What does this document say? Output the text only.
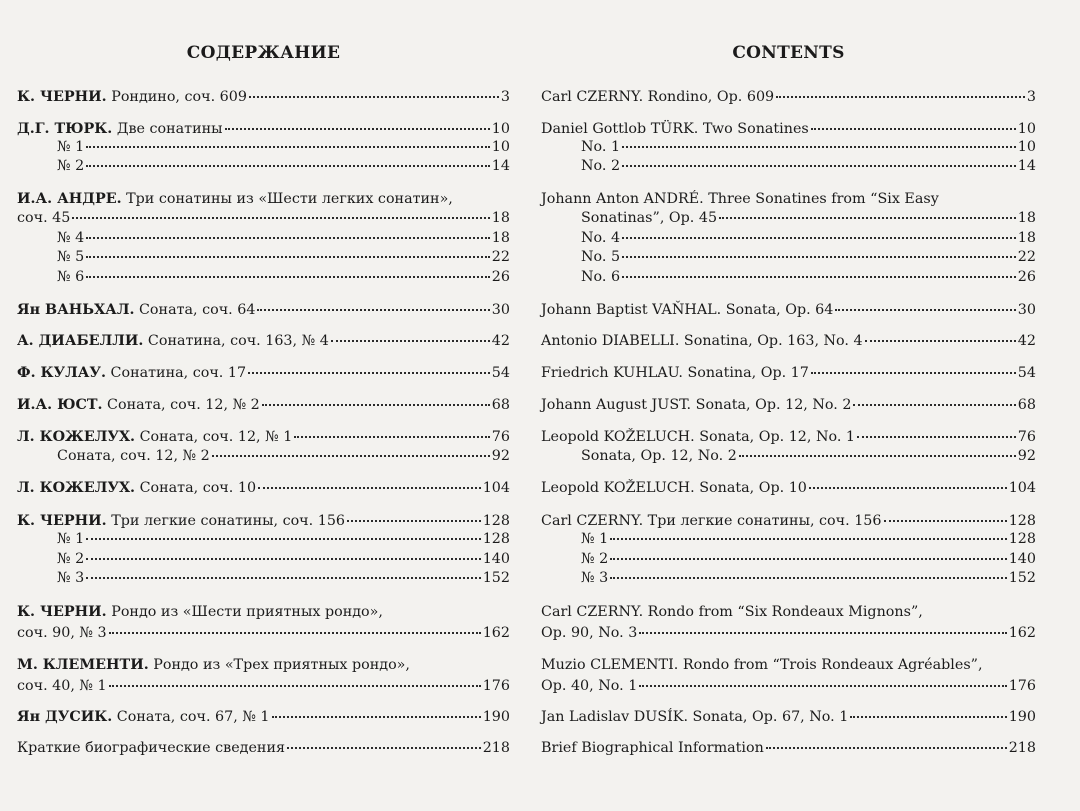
СОДЕРЖАНИЕ
К. ЧЕРНИ. Рондино, соч. 609	3
Д.Г. ТЮРК. Две сонатины	10
№ 1	10
№ 2	14
И.А. АНДРЕ. Три сонатины из «Шести легких сонатин»,
соч. 45	18
№ 4	18
№ 5	22
№ 6	26
Ян ВАНЬХАЛ. Соната, соч. 64	30
А. ДИАБЕЛЛИ. Сонатина, соч. 163, № 4	42
Ф. КУЛАУ. Сонатина, соч. 17	54
И.А. ЮСТ. Соната, соч. 12, № 2	68
Л. КОЖЕЛУХ. Соната, соч. 12, № 1	76
Соната, соч. 12, № 2	92
Л. КОЖЕЛУХ. Соната, соч. 10	104
К. ЧЕРНИ. Три легкие сонатины, соч. 156	128
№ 1	128
№ 2	140
№ 3	152
К. ЧЕРНИ. Рондо из «Шести приятных рондо»,
соч. 90, № 3	162
М. КЛЕМЕНТИ. Рондо из «Трех приятных рондо»,
соч. 40, № 1	176
Ян ДУСИК. Соната, соч. 67, № 1	190
Краткие биографические сведения	218
CONTENTS
Carl CZERNY. Rondino, Op. 609	3
Daniel Gottlob TÜRK. Two Sonatines	10
No. 1	10
No. 2	14
Johann Anton ANDRÉ. Three Sonatines from “Six Easy
Sonatinas”, Op. 45	18
No. 4	18
No. 5	22
No. 6	26
Johann Baptist VAŇHAL. Sonata, Op. 64	30
Antonio DIABELLI. Sonatina, Op. 163, No. 4	42
Friedrich KUHLAU. Sonatina, Op. 17	54
Johann August JUST. Sonata, Op. 12, No. 2	68
Leopold KOŽELUCH. Sonata, Op. 12, No. 1	76
Sonata, Op. 12, No. 2	92
Leopold KOŽELUCH. Sonata, Op. 10	104
Carl CZERNY. Три легкие сонатины, соч. 156	128
№ 1	128
№ 2	140
№ 3	152
Carl CZERNY. Rondo from “Six Rondeaux Mignons”,
Op. 90, No. 3	162
Muzio CLEMENTI. Rondo from “Trois Rondeaux Agréables”,
Op. 40, No. 1	176
Jan Ladislav DUSÍK. Sonata, Op. 67, No. 1	190
Brief Biographical Information	218
